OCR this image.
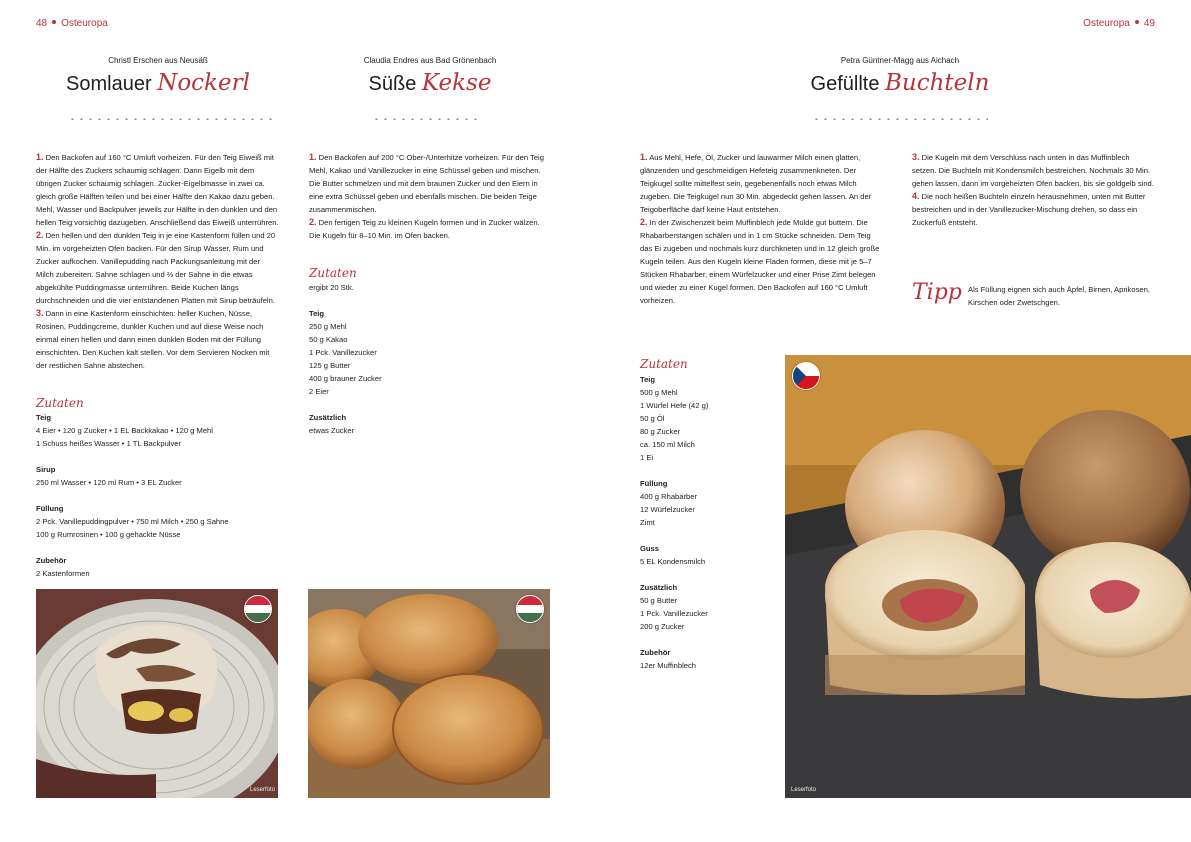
48 Osteuropa	Osteuropa 49
Christl Erschen aus Neusäß
Somlauer Nockerl
1. Den Backofen auf 160 °C Umluft vorheizen. Für den Teig Eiweiß mit der Hälfte des Zuckers schaumig schlagen. Dann Eigelb mit dem übrigen Zucker schaumig schlagen. Zucker-Eigelbmasse in zwei ca. gleich große Hälften teilen und bei einer Hälfte den Kakao dazu geben. Mehl, Wasser und Backpulver jeweils zur Hälfte in den dunklen und den hellen Teig vorsichtig dazugeben. Anschließend das Eiweiß unterrühren.
2. Den hellen und den dunklen Teig in je eine Kastenform füllen und 20 Min. im vorgeheizten Ofen backen. Für den Sirup Wasser, Rum und Zucker aufkochen. Vanillepudding nach Packungsanleitung mit der Milch zubereiten. Sahne schlagen und ⅔ der Sahne in die etwas abgekühlte Puddingmasse unterrühren. Beide Kuchen längs durchschneiden und die vier entstandenen Platten mit Sirup beträufeln.
3. Dann in eine Kastenform einschichten: heller Kuchen, Nüsse, Rosinen, Puddingcreme, dunkler Kuchen und auf diese Weise noch einmal einen hellen und dann einen dunklen Boden mit der Füllung einschichten. Den Kuchen kalt stellen. Vor dem Servieren Nocken mit der restlichen Sahne abstechen.
Zutaten
Teig
4 Eier • 120 g Zucker • 1 EL Backkakao • 120 g Mehl
1 Schuss heißes Wasser • 1 TL Backpulver
Sirup
250 ml Wasser • 120 ml Rum • 3 EL Zucker
Füllung
2 Pck. Vanillepuddingpulver • 750 ml Milch • 250 g Sahne
100 g Rumrosinen • 100 g gehackte Nüsse
Zubehör
2 Kastenformen
Leserfoto
Claudia Endres aus Bad Grönenbach
Süße Kekse
1. Den Backofen auf 200 °C Ober-/Unterhitze vorheizen. Für den Teig Mehl, Kakao und Vanillezucker in eine Schüssel geben und mischen. Die Butter schmelzen und mit dem braunen Zucker und den Eiern in eine extra Schüssel geben und ebenfalls mischen. Die beiden Teige zusammenmischen.
2. Den fertigen Teig zu kleinen Kugeln formen und in Zucker wälzen. Die Kugeln für 8–10 Min. im Ofen backen.
Zutaten
ergibt 20 Stk.
Teig
250 g Mehl
50 g Kakao
1 Pck. Vanillezucker
125 g Butter
400 g brauner Zucker
2 Eier
Zusätzlich
etwas Zucker
Petra Güntner-Magg aus Aichach
Gefüllte Buchteln
1. Aus Mehl, Hefe, Öl, Zucker und lauwarmer Milch einen glatten, glänzenden und geschmeidigen Hefeteig zusammenkneten. Der Teigkugel sollte mittelfest sein, gegebenenfalls noch etwas Milch zugeben. Die Teigkugel nun 30 Min. abgedeckt gehen lassen. An der Teigoberfläche darf keine Haut entstehen.
2. In der Zwischenzeit beim Muffinblech jede Mulde gut buttern. Die Rhabarberstangen schälen und in 1 cm Stücke schneiden. Dem Teig das Ei zugeben und nochmals kurz durchkneten und in 12 gleich große Kugeln teilen. Aus den Kugeln kleine Fladen formen, diese mit je 5–7 Stücken Rhabarber, einem Würfelzucker und einer Prise Zimt belegen und wieder zu einer Kugel formen. Den Backofen auf 160 °C Umluft vorheizen.
3. Die Kugeln mit dem Verschluss nach unten in das Muffinblech setzen. Die Buchteln mit Kondensmilch bestreichen. Nochmals 30 Min. gehen lassen, dann im vorgeheizten Ofen backen, bis sie goldgelb sind.
4. Die noch heißen Buchteln einzeln herausnehmen, unten mit Butter bestreichen und in der Vanillezucker-Mischung drehen, so dass ein Zuckerfuß entsteht.
Tipp Als Füllung eignen sich auch Äpfel, Birnen, Aprikosen, Kirschen oder Zwetschgen.
Zutaten
Teig
500 g Mehl
1 Würfel Hefe (42 g)
50 g Öl
80 g Zucker
ca. 150 ml Milch
1 Ei
Füllung
400 g Rhabarber
12 Würfelzucker
Zimt
Guss
5 EL Kondensmilch
Zusätzlich
50 g Butter
1 Pck. Vanillezucker
200 g Zucker
Zubehör
12er Muffinblech
Leserfoto
